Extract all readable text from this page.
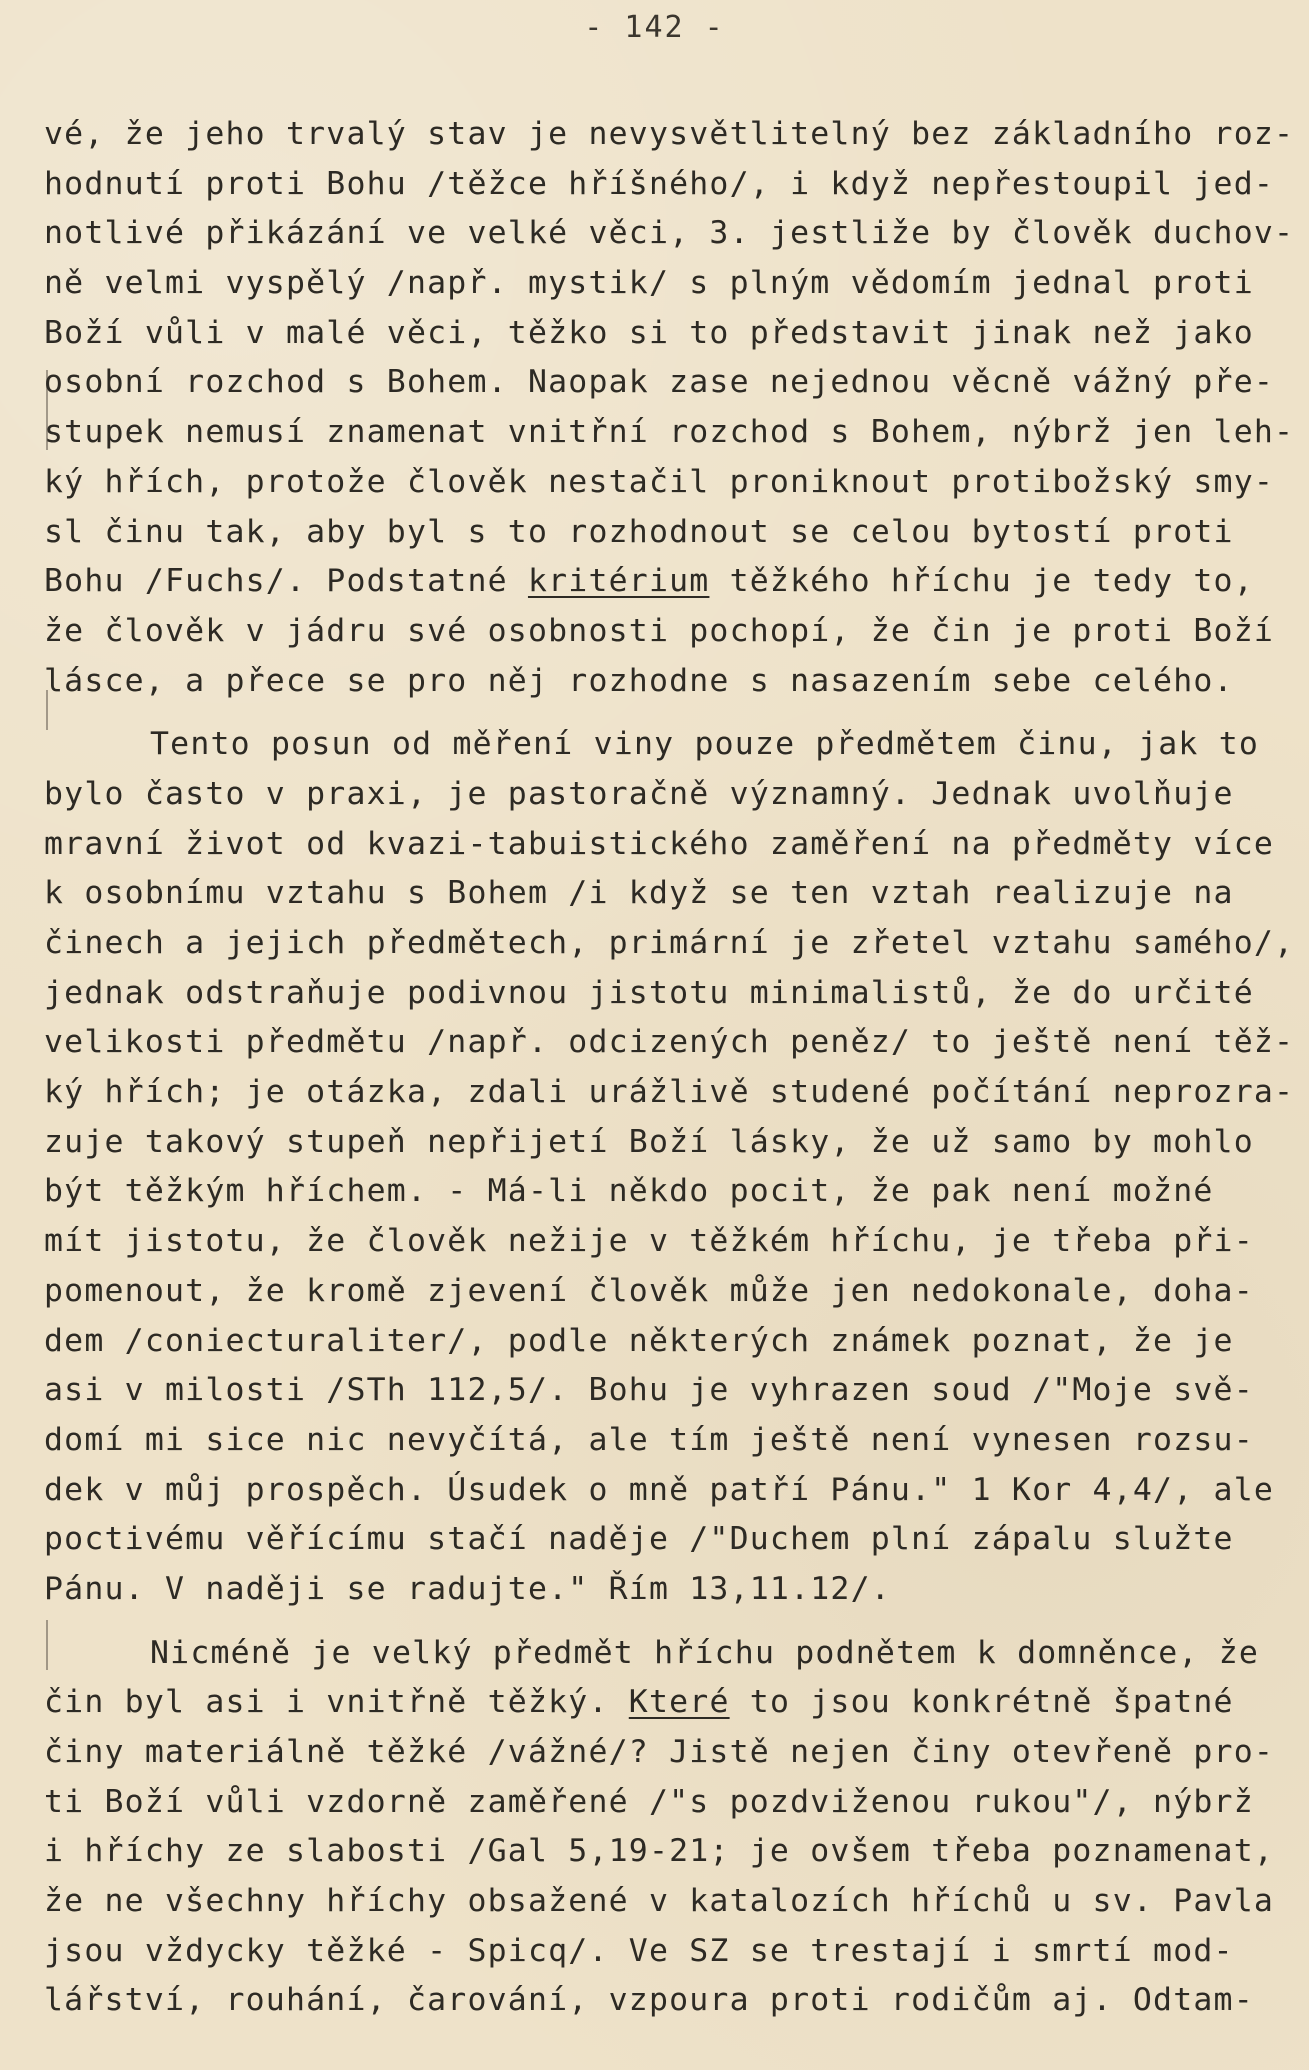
- 142 -
vé, že jeho trvalý stav je nevysvětlitelný bez základního roz-
hodnutí proti Bohu /těžce hříšného/, i když nepřestoupil jed-
notlivé přikázání ve velké věci, 3. jestliže by člověk duchov-
ně velmi vyspělý /např. mystik/ s plným vědomím jednal proti
Boží vůli v malé věci, těžko si to představit jinak než jako
osobní rozchod s Bohem. Naopak zase nejednou věcně vážný pře-
stupek nemusí znamenat vnitřní rozchod s Bohem, nýbrž jen leh-
ký hřích, protože člověk nestačil proniknout protibožský smy-
sl činu tak, aby byl s to rozhodnout se celou bytostí proti
Bohu /Fuchs/. Podstatné kritérium těžkého hříchu je tedy to,
že člověk v jádru své osobnosti pochopí, že čin je proti Boží
lásce, a přece se pro něj rozhodne s nasazením sebe celého.
Tento posun od měření viny pouze předmětem činu, jak to
bylo často v praxi, je pastoračně významný. Jednak uvolňuje
mravní život od kvazi-tabuistického zaměření na předměty více
k osobnímu vztahu s Bohem /i když se ten vztah realizuje na
činech a jejich předmětech, primární je zřetel vztahu samého/,
jednak odstraňuje podivnou jistotu minimalistů, že do určité
velikosti předmětu /např. odcizených peněz/ to ještě není těž-
ký hřích; je otázka, zdali urážlivě studené počítání neprozra-
zuje takový stupeň nepřijetí Boží lásky, že už samo by mohlo
být těžkým hříchem. - Má-li někdo pocit, že pak není možné
mít jistotu, že člověk nežije v těžkém hříchu, je třeba při-
pomenout, že kromě zjevení člověk může jen nedokonale, doha-
dem /coniecturaliter/, podle některých známek poznat, že je
asi v milosti /STh 112,5/. Bohu je vyhrazen soud /"Moje svě-
domí mi sice nic nevyčítá, ale tím ještě není vynesen rozsu-
dek v můj prospěch. Úsudek o mně patří Pánu." 1 Kor 4,4/, ale
poctivému věřícímu stačí naděje /"Duchem plní zápalu služte
Pánu. V naději se radujte." Řím 13,11.12/.
Nicméně je velký předmět hříchu podnětem k domněnce, že
čin byl asi i vnitřně těžký. Které to jsou konkrétně špatné
činy materiálně těžké /vážné/? Jistě nejen činy otevřeně pro-
ti Boží vůli vzdorně zaměřené /"s pozdviženou rukou"/, nýbrž
i hříchy ze slabosti /Gal 5,19-21; je ovšem třeba poznamenat,
že ne všechny hříchy obsažené v katalozích hříchů u sv. Pavla
jsou vždycky těžké - Spicq/. Ve SZ se trestají i smrtí mod-
lářství, rouhání, čarování, vzpoura proti rodičům aj. Odtam-
